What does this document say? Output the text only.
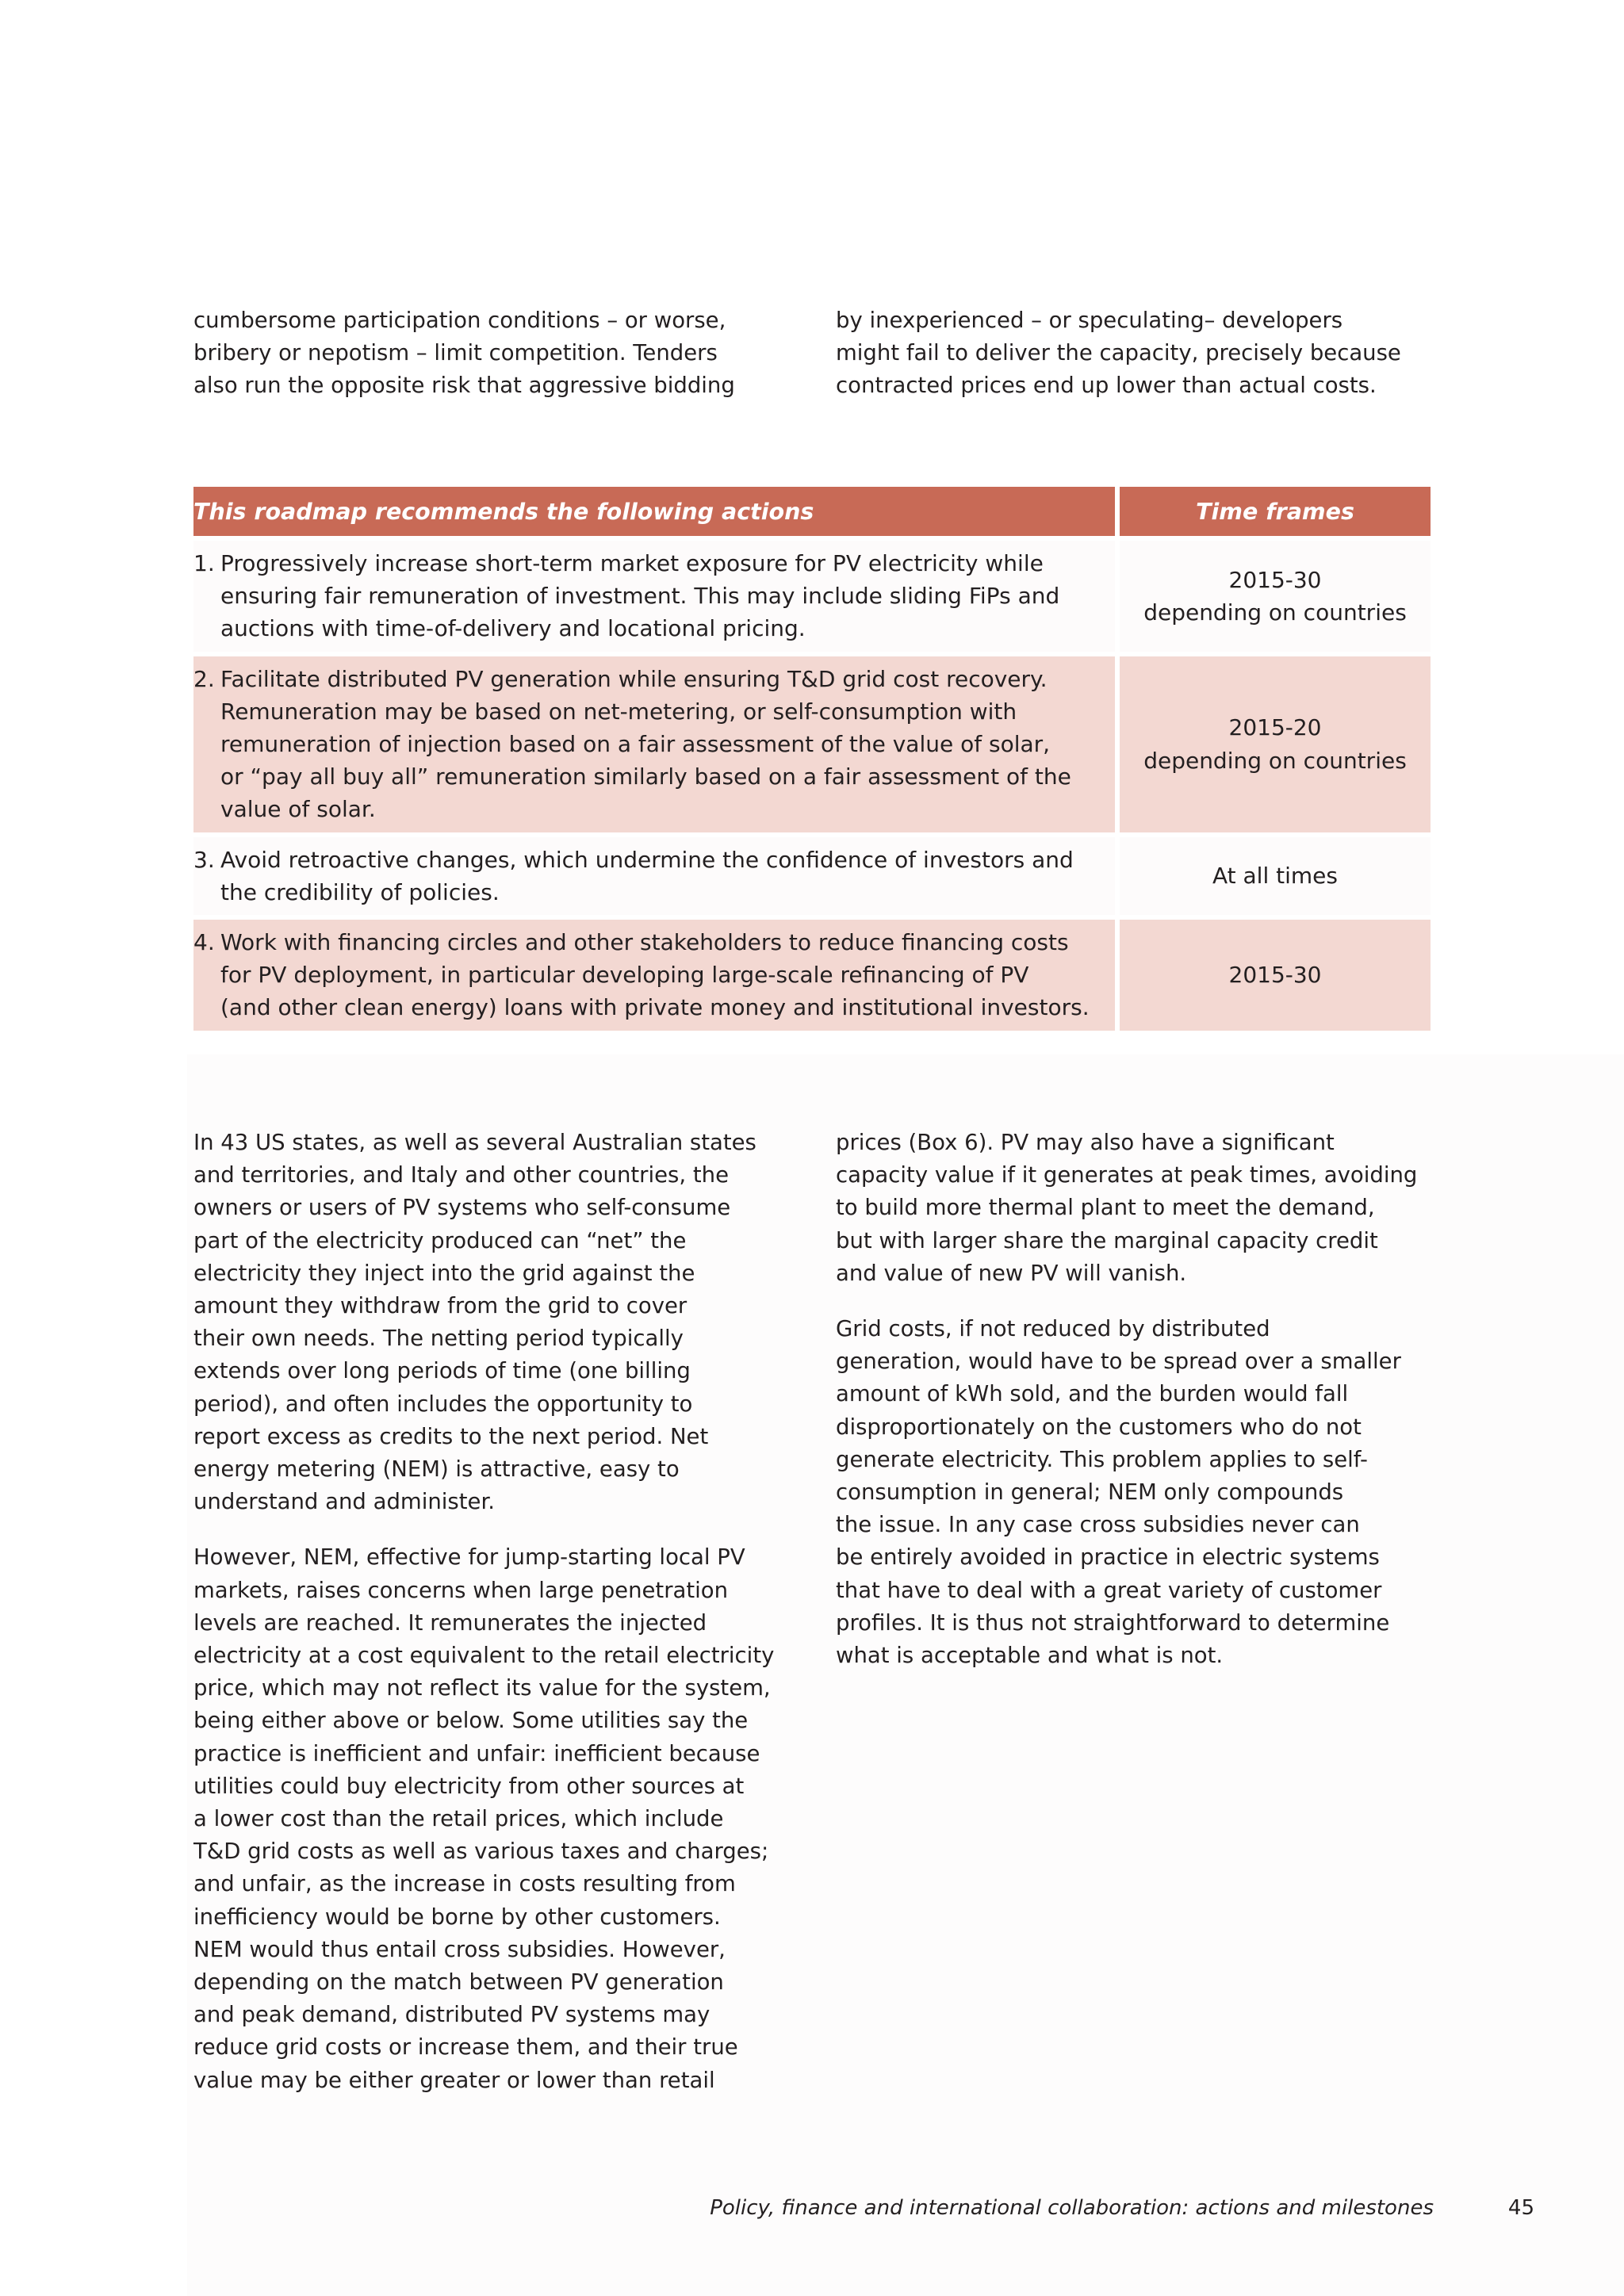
cumbersome participation conditions – or worse,
bribery or nepotism – limit competition. Tenders
also run the opposite risk that aggressive bidding

by inexperienced – or speculating– developers
might fail to deliver the capacity, precisely because
contracted prices end up lower than actual costs.

This roadmap recommends the following actions	Time frames
1. Progressively increase short-term market exposure for PV electricity while
ensuring fair remuneration of investment. This may include sliding FiPs and
auctions with time-of-delivery and locational pricing.
2015-30
depending on countries
2. Facilitate distributed PV generation while ensuring T&D grid cost recovery.
Remuneration may be based on net-metering, or self-consumption with
remuneration of injection based on a fair assessment of the value of solar,
or “pay all buy all” remuneration similarly based on a fair assessment of the
value of solar.
2015-20
depending on countries
3. Avoid retroactive changes, which undermine the confidence of investors and
the credibility of policies.
At all times
4. Work with financing circles and other stakeholders to reduce financing costs
for PV deployment, in particular developing large-scale refinancing of PV
(and other clean energy) loans with private money and institutional investors.
2015-30

In 43 US states, as well as several Australian states
and territories, and Italy and other countries, the
owners or users of PV systems who self-consume
part of the electricity produced can “net” the
electricity they inject into the grid against the
amount they withdraw from the grid to cover
their own needs. The netting period typically
extends over long periods of time (one billing
period), and often includes the opportunity to
report excess as credits to the next period. Net
energy metering (NEM) is attractive, easy to
understand and administer.

However, NEM, effective for jump-starting local PV
markets, raises concerns when large penetration
levels are reached. It remunerates the injected
electricity at a cost equivalent to the retail electricity
price, which may not reflect its value for the system,
being either above or below. Some utilities say the
practice is inefficient and unfair: inefficient because
utilities could buy electricity from other sources at
a lower cost than the retail prices, which include
T&D grid costs as well as various taxes and charges;
and unfair, as the increase in costs resulting from
inefficiency would be borne by other customers.
NEM would thus entail cross subsidies. However,
depending on the match between PV generation
and peak demand, distributed PV systems may
reduce grid costs or increase them, and their true
value may be either greater or lower than retail

prices (Box 6). PV may also have a significant
capacity value if it generates at peak times, avoiding
to build more thermal plant to meet the demand,
but with larger share the marginal capacity credit
and value of new PV will vanish.

Grid costs, if not reduced by distributed
generation, would have to be spread over a smaller
amount of kWh sold, and the burden would fall
disproportionately on the customers who do not
generate electricity. This problem applies to self-
consumption in general; NEM only compounds
the issue. In any case cross subsidies never can
be entirely avoided in practice in electric systems
that have to deal with a great variety of customer
profiles. It is thus not straightforward to determine
what is acceptable and what is not.

Policy, finance and international collaboration: actions and milestones	45
